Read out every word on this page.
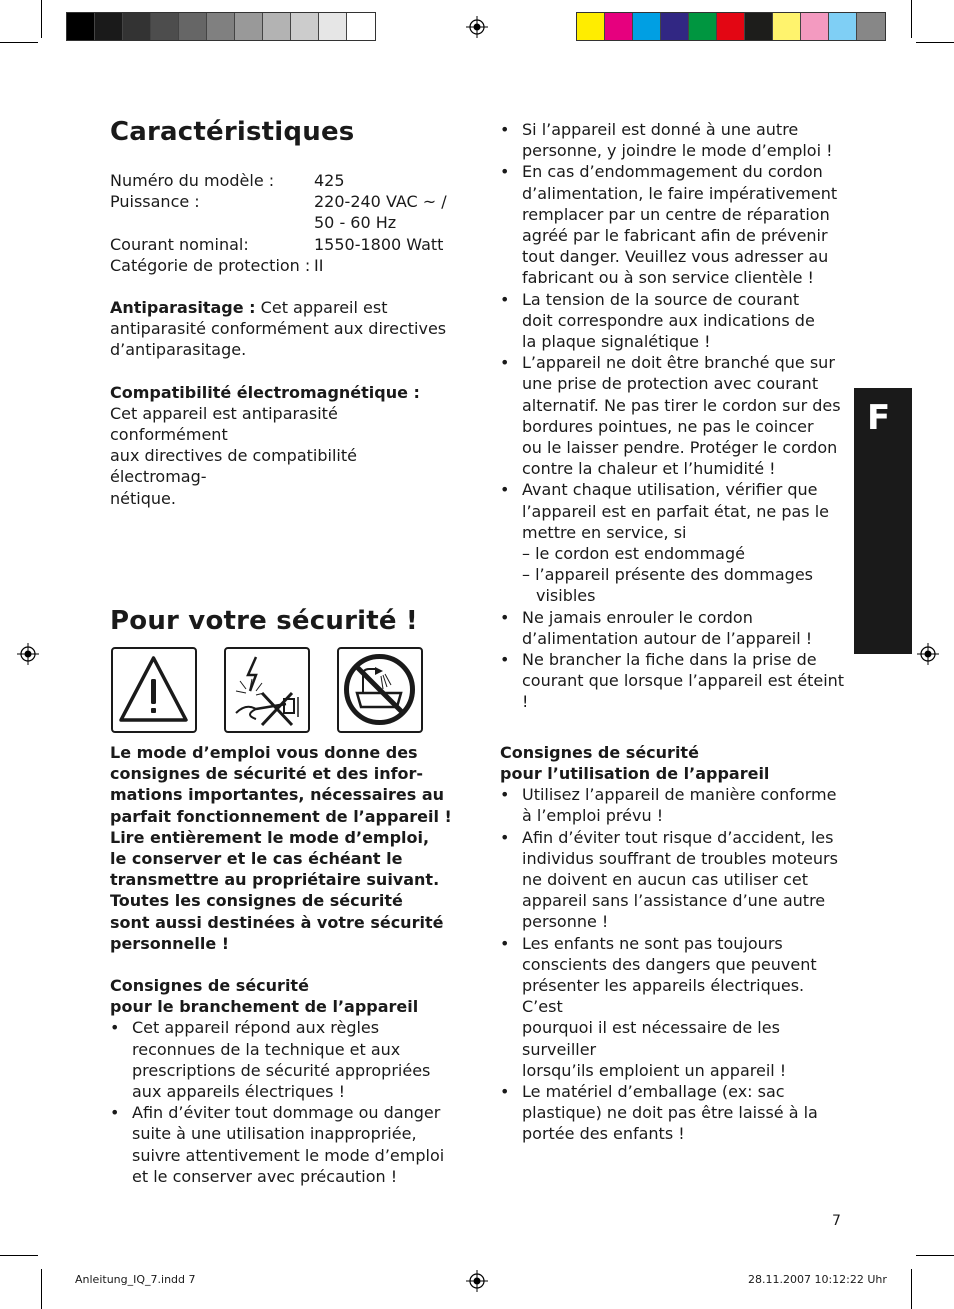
F
Caractéristiques
Numéro du modèle :	425
Puissance :	220-240 VAC ~ /
50 - 60 Hz
Courant nominal:	1550-1800 Watt
Catégorie de protection : II

Antiparasitage : Cet appareil est
antiparasité conformément aux directives
d’antiparasitage.

Compatibilité électromagnétique :

Cet appareil est antiparasité conformément
aux directives de compatibilité électromag-
nétique.

Pour votre sécurité !

Le mode d’emploi vous donne des
consignes de sécurité et des infor-
mations importantes, nécessaires au
parfait fonctionnement de l’appareil !
Lire entièrement le mode d’emploi,
le conserver et le cas échéant le
transmettre au propriétaire suivant.
Toutes les consignes de sécurité
sont aussi destinées à votre sécurité
personnelle !

Consignes de sécurité
pour le branchement de l’appareil

• Cet appareil répond aux règles
reconnues de la technique et aux
prescriptions de sécurité appropriées
aux appareils électriques !
• Afin d’éviter tout dommage ou danger
suite à une utilisation inappropriée,
suivre attentivement le mode d’emploi
et le conserver avec précaution !
• Si l’appareil est donné à une autre
personne, y joindre le mode d’emploi !
• En cas d’endommagement du cordon
d’alimentation, le faire impérativement
remplacer par un centre de réparation
agréé par le fabricant afin de prévenir
tout danger. Veuillez vous adresser au
fabricant ou à son service clientèle !
• La tension de la source de courant
doit correspondre aux indications de
la plaque signalétique !
• L’appareil ne doit être branché que sur
une prise de protection avec courant
alternatif. Ne pas tirer le cordon sur des
bordures pointues, ne pas le coincer
ou le laisser pendre. Protéger le cordon
contre la chaleur et l’humidité !
• Avant chaque utilisation, vérifier que
l’appareil est en parfait état, ne pas le
mettre en service, si
– le cordon est endommagé
– l’appareil présente des dommages

visibles
• Ne jamais enrouler le cordon
d’alimentation autour de l’appareil !
• Ne brancher la fiche dans la prise de
courant que lorsque l’appareil est éteint !

Consignes de sécurité
pour l’utilisation de l’appareil

• Utilisez l’appareil de manière conforme
à l’emploi prévu !
• Afin d’éviter tout risque d’accident, les
individus souffrant de troubles moteurs
ne doivent en aucun cas utiliser cet
appareil sans l’assistance d’une autre
personne !
• Les enfants ne sont pas toujours
conscients des dangers que peuvent
présenter les appareils électriques. C’est
pourquoi il est nécessaire de les surveiller
lorsqu’ils emploient un appareil !
• Le matériel d’emballage (ex: sac
plastique) ne doit pas être laissé à la
portée des enfants !
7
Anleitung_IQ_7.indd 7	28.11.2007 10:12:22 Uhr
